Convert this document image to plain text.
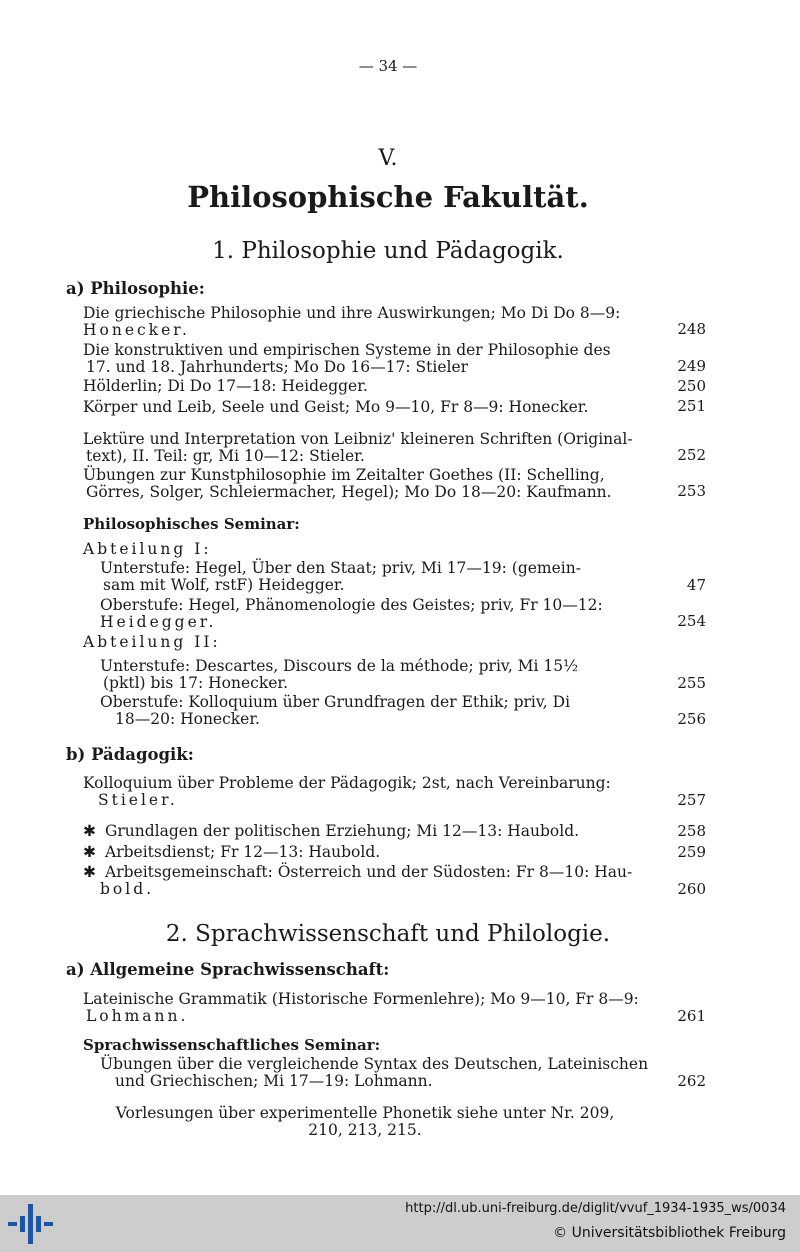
— 34 —
V.
Philosophische Fakultät.
1. Philosophie und Pädagogik.
a) Philosophie:
Die griechische Philosophie und ihre Auswirkungen; Mo Di Do 8—9:
Honecker.	248
Die konstruktiven und empirischen Systeme in der Philosophie des
17. und 18. Jahrhunderts; Mo Do 16—17: Stieler	249
Hölderlin; Di Do 17—18: Heidegger.	250
Körper und Leib, Seele und Geist; Mo 9—10, Fr 8—9: Honecker.	251
Lektüre und Interpretation von Leibniz' kleineren Schriften (Original-
text), II. Teil: gr, Mi 10—12: Stieler.	252
Übungen zur Kunstphilosophie im Zeitalter Goethes (II: Schelling,
Görres, Solger, Schleiermacher, Hegel); Mo Do 18—20: Kaufmann.	253
Philosophisches Seminar:
Abteilung I:
Unterstufe: Hegel, Über den Staat; priv, Mi 17—19: (gemein-
sam mit Wolf, rstF) Heidegger.	47
Oberstufe: Hegel, Phänomenologie des Geistes; priv, Fr 10—12:
Heidegger.	254
Abteilung II:
Unterstufe: Descartes, Discours de la méthode; priv, Mi 15½
(pktl) bis 17: Honecker.	255
Oberstufe: Kolloquium über Grundfragen der Ethik; priv, Di
18—20: Honecker.	256
b) Pädagogik:
Kolloquium über Probleme der Pädagogik; 2st, nach Vereinbarung:
Stieler.	257
✱ Grundlagen der politischen Erziehung; Mi 12—13: Haubold.	258
✱ Arbeitsdienst; Fr 12—13: Haubold.	259
✱ Arbeitsgemeinschaft: Österreich und der Südosten: Fr 8—10: Hau-
bold.	260
2. Sprachwissenschaft und Philologie.
a) Allgemeine Sprachwissenschaft:
Lateinische Grammatik (Historische Formenlehre); Mo 9—10, Fr 8—9:
Lohmann.	261
Sprachwissenschaftliches Seminar:
Übungen über die vergleichende Syntax des Deutschen, Lateinischen
und Griechischen; Mi 17—19: Lohmann.	262
Vorlesungen über experimentelle Phonetik siehe unter Nr. 209,
210, 213, 215.
http://dl.ub.uni-freiburg.de/diglit/vvuf_1934-1935_ws/0034
© Universitätsbibliothek Freiburg
